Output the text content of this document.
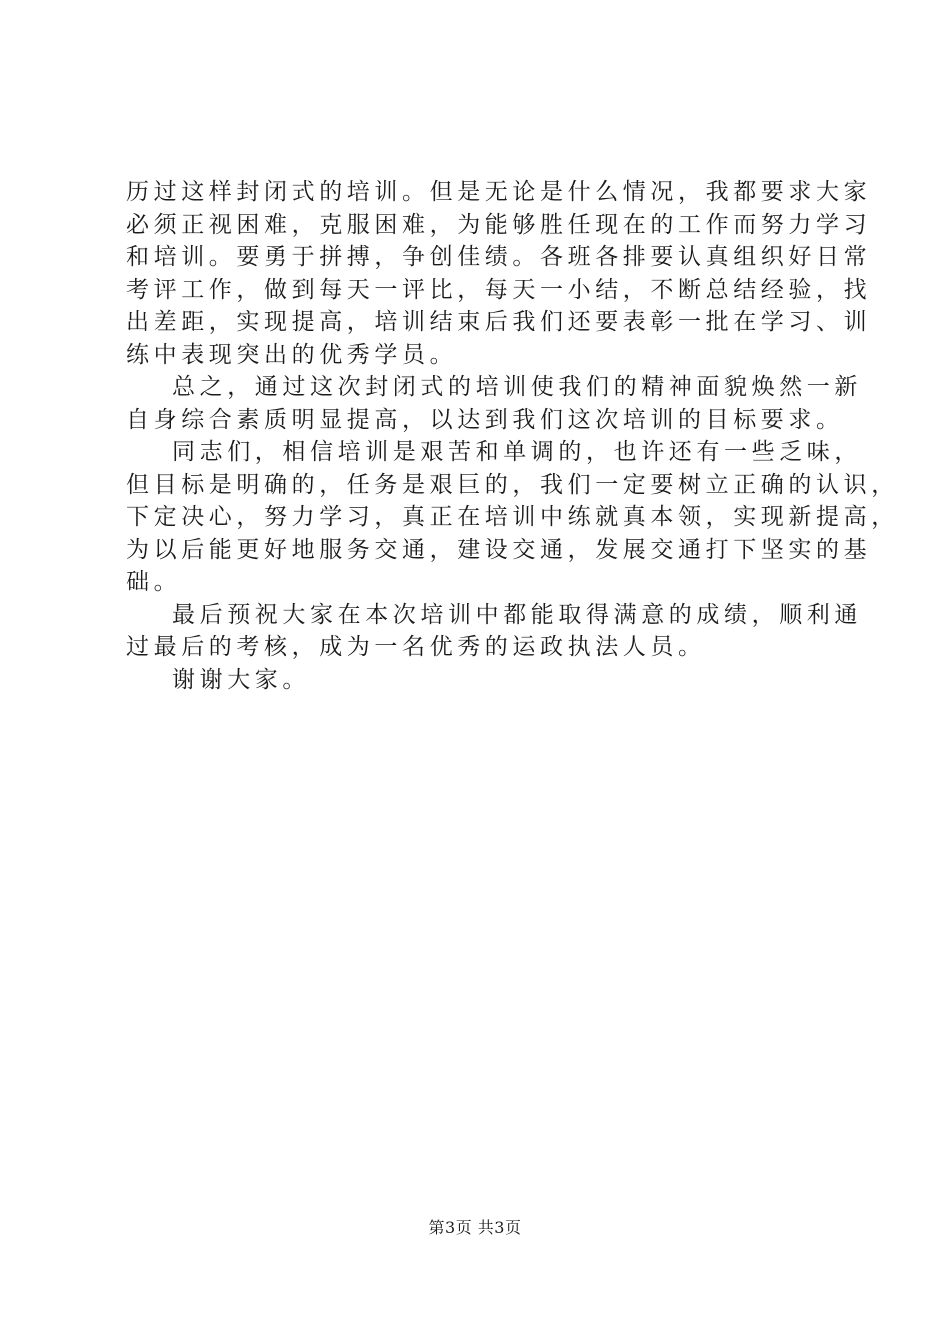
历过这样封闭式的培训。但是无论是什么情况，我都要求大家
必须正视困难，克服困难，为能够胜任现在的工作而努力学习
和培训。要勇于拼搏，争创佳绩。各班各排要认真组织好日常
考评工作，做到每天一评比，每天一小结，不断总结经验，找
出差距，实现提高，培训结束后我们还要表彰一批在学习、训
练中表现突出的优秀学员。
总之，通过这次封闭式的培训使我们的精神面貌焕然一新
自身综合素质明显提高，以达到我们这次培训的目标要求。
同志们，相信培训是艰苦和单调的，也许还有一些乏味，
但目标是明确的，任务是艰巨的，我们一定要树立正确的认识，
下定决心，努力学习，真正在培训中练就真本领，实现新提高，
为以后能更好地服务交通，建设交通，发展交通打下坚实的基
础。
最后预祝大家在本次培训中都能取得满意的成绩，顺利通
过最后的考核，成为一名优秀的运政执法人员。
谢谢大家。
第3页 共3页
